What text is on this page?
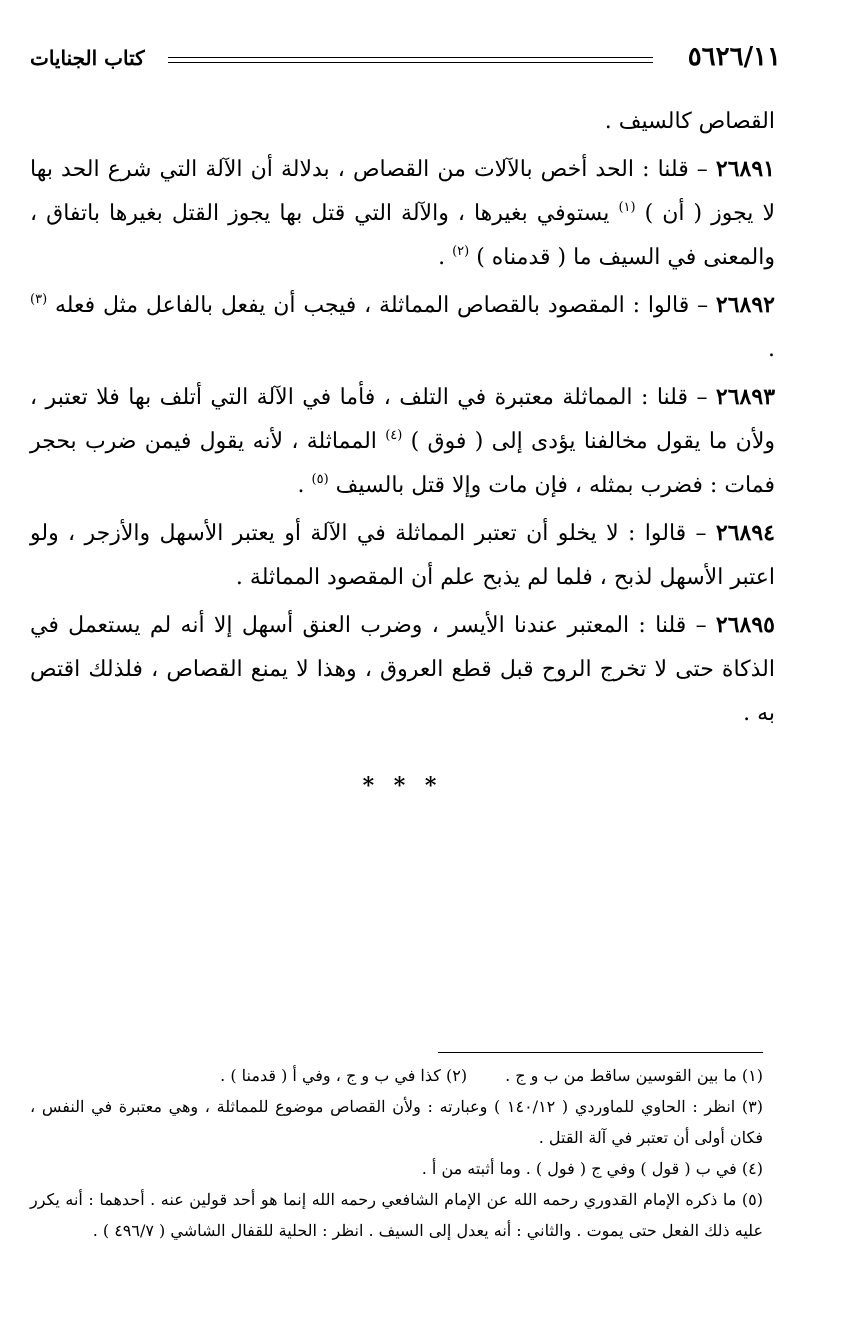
٥٦٢٦/١١
كتاب الجنايات

القصاص كالسيف .

٢٦٨٩١ – قلنا : الحد أخص بالآلات من القصاص ، بدلالة أن الآلة التي شرع الحد بها لا يجوز ( أن ) $^{(١)}$ يستوفي بغيرها ، والآلة التي قتل بها يجوز القتل بغيرها باتفاق ، والمعنى في السيف ما ( قدمناه ) $^{(٢)}$ .

٢٦٨٩٢ – قالوا : المقصود بالقصاص المماثلة ، فيجب أن يفعل بالفاعل مثل فعله $^{(٣)}$ .

٢٦٨٩٣ – قلنا : المماثلة معتبرة في التلف ، فأما في الآلة التي أتلف بها فلا تعتبر ، ولأن ما يقول مخالفنا يؤدى إلى ( فوق ) $^{(٤)}$ المماثلة ، لأنه يقول فيمن ضرب بحجر فمات : فضرب بمثله ، فإن مات وإلا قتل بالسيف $^{(٥)}$ .

٢٦٨٩٤ – قالوا : لا يخلو أن تعتبر المماثلة في الآلة أو يعتبر الأسهل والأزجر ، ولو اعتبر الأسهل لذبح ، فلما لم يذبح علم أن المقصود المماثلة .

٢٦٨٩٥ – قلنا : المعتبر عندنا الأيسر ، وضرب العنق أسهل إلا أنه لم يستعمل في الذكاة حتى لا تخرج الروح قبل قطع العروق ، وهذا لا يمنع القصاص ، فلذلك اقتص به .

* * *
(١) ما بين القوسين ساقط من ب و ج .(٢) كذا في ب و ج ، وفي أ ( قدمنا ) .
(٣) انظر : الحاوي للماوردي ( ١٤٠/١٢ ) وعبارته : ولأن القصاص موضوع للمماثلة ، وهي معتبرة في النفس ، فكان أولى أن تعتبر في آلة القتل .
(٤) في ب ( قول ) وفي ج ( فول ) . وما أثبته من أ .
(٥) ما ذكره الإمام القدوري رحمه الله عن الإمام الشافعي رحمه الله إنما هو أحد قولين عنه . أحدهما : أنه يكرر عليه ذلك الفعل حتى يموت . والثاني : أنه يعدل إلى السيف . انظر : الحلية للقفال الشاشي ( ٤٩٦/٧ ) .
